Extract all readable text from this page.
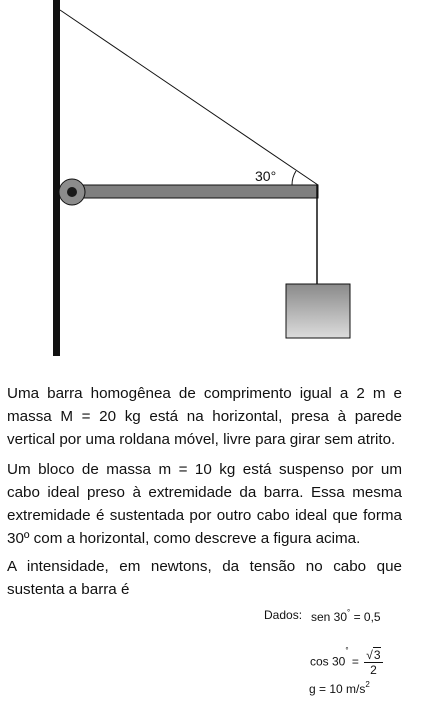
30°

Uma barra homogênea de comprimento igual a 2 m e massa M = 20 kg está na horizontal, presa à parede vertical por uma roldana móvel, livre para girar sem atrito.

Um bloco de massa m = 10 kg está suspenso por um cabo ideal preso à extremidade da barra. Essa mesma extremidade é sustentada por outro cabo ideal que forma 30º com a horizontal, como descreve a figura acima.

A intensidade, em newtons, da tensão no cabo que sustenta a barra é

Dados: sen 30° = 0,5
$\cos 30^\circ = \frac{√3}{2}$
g = 10 $m/s^2$
